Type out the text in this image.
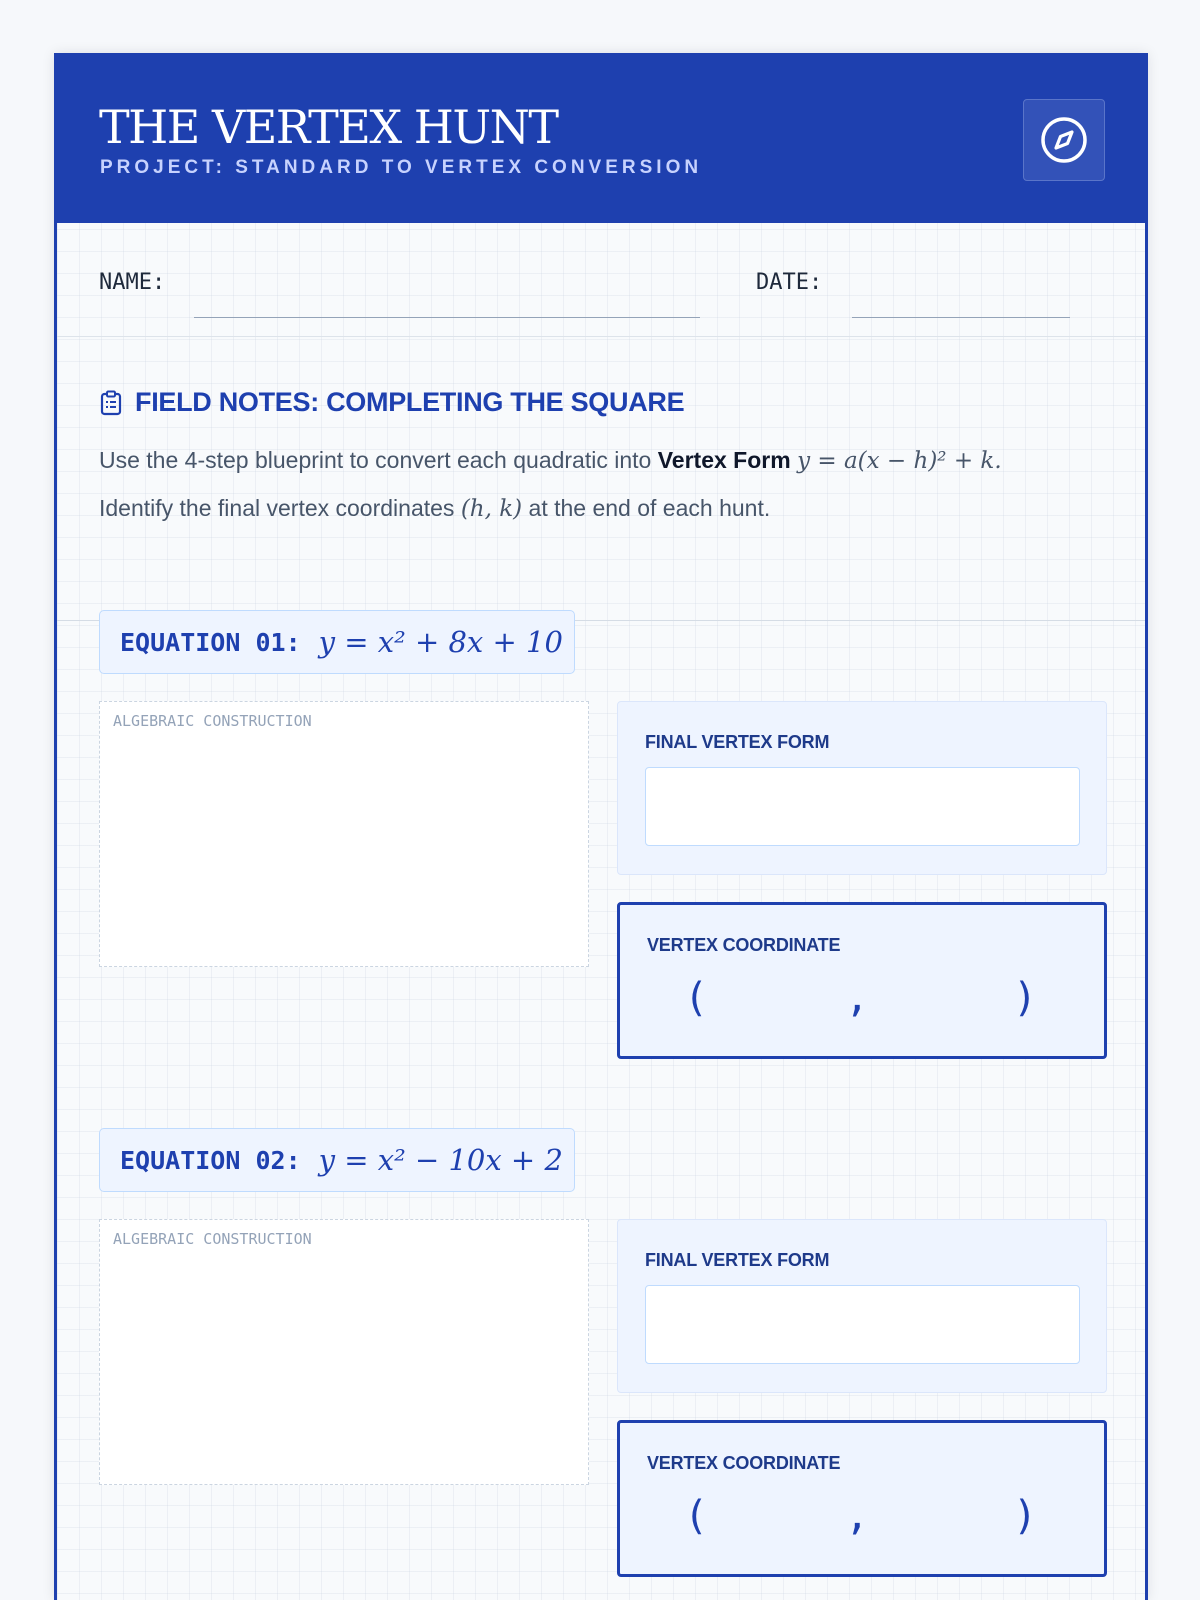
THE VERTEX HUNT
PROJECT: STANDARD TO VERTEX CONVERSION
NAME:	DATE:
FIELD NOTES: COMPLETING THE SQUARE
Use the 4-step blueprint to convert each quadratic into Vertex Form y = a(x − h)² + k.
Identify the final vertex coordinates (h, k) at the end of each hunt.
EQUATION 01: y = x² + 8x + 10
ALGEBRAIC CONSTRUCTION
FINAL VERTEX FORM
VERTEX COORDINATE
(	,	)
EQUATION 02: y = x² − 10x + 2
ALGEBRAIC CONSTRUCTION
FINAL VERTEX FORM
VERTEX COORDINATE
(	,	)
